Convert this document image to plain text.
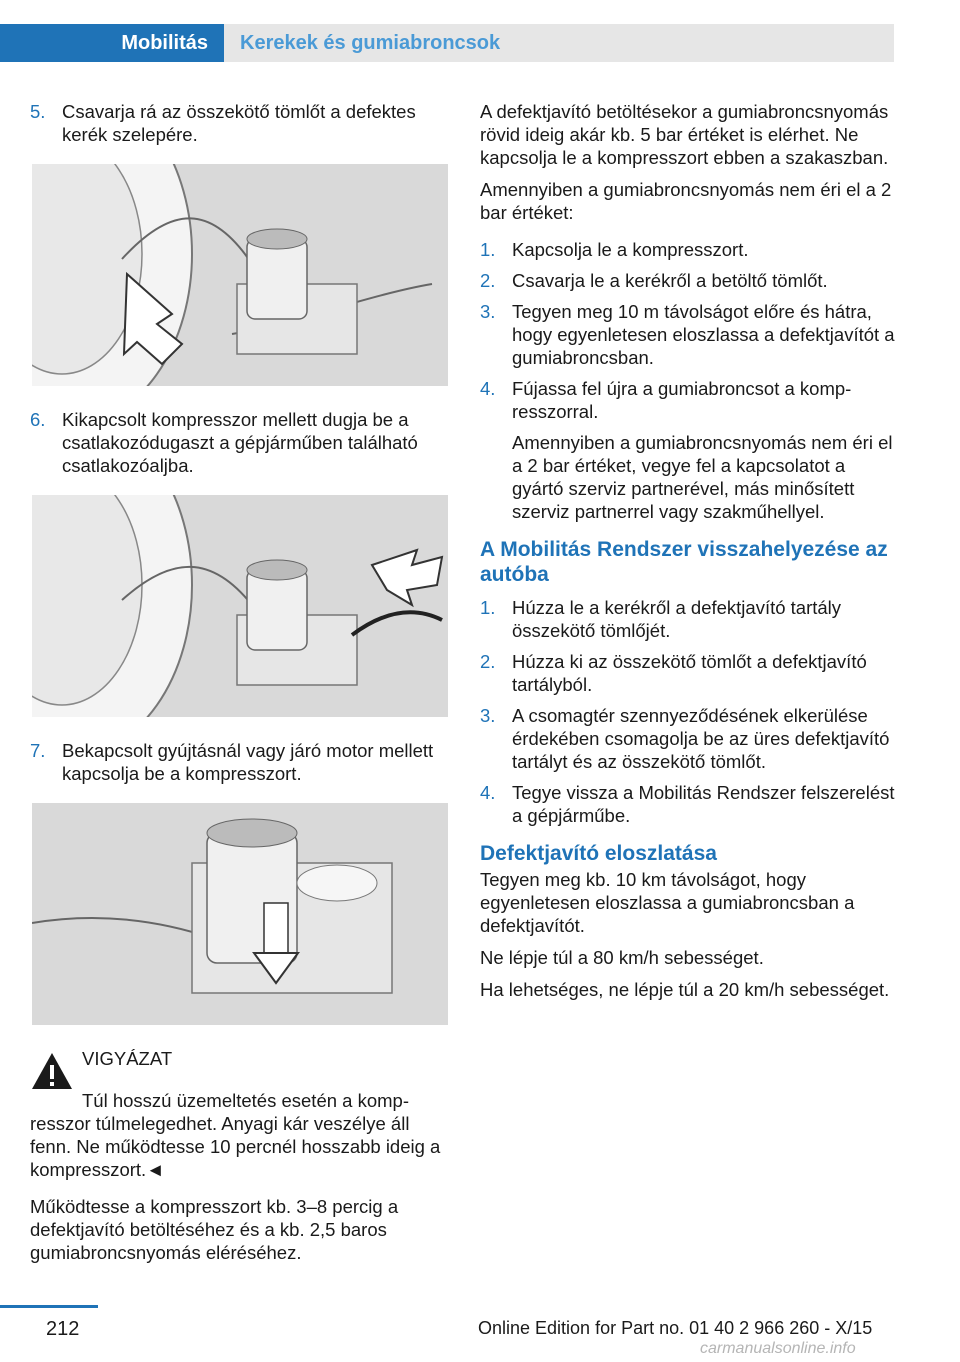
Mobilitás	Kerekek és gumiabroncsok
5. Csavarja rá az összekötő tömlőt a defektes kerék szelepére.
6. Kikapcsolt kompresszor mellett dugja be a csatlakozódugaszt a gépjárműben található csatlakozóaljba.
7. Bekapcsolt gyújtásnál vagy járó motor mellett kapcsolja be a kompresszort.

VIGYÁZAT

Túl hosszú üzemeltetés esetén a kompresszor túlmelegedhet. Anyagi kár veszélye áll fenn. Ne működtesse 10 percnél hosszabb ideig a kompresszort.◄

Működtesse a kompresszort kb. 3–8 percig a defektjavító betöltéséhez és a kb. 2,5 baros gumiabroncsnyomás eléréséhez.

A defektjavító betöltésekor a gumiabroncsnyomás rövid ideig akár kb. 5 bar értéket is elérhet. Ne kapcsolja le a kompresszort ebben a szakaszban.

Amennyiben a gumiabroncsnyomás nem éri el a 2 bar értéket:

1. Kapcsolja le a kompresszort.
2. Csavarja le a kerékről a betöltő tömlőt.
3. Tegyen meg 10 m távolságot előre és hátra, hogy egyenletesen eloszlassa a defektjavítót a gumiabroncsban.
4. Fújassa fel újra a gumiabroncsot a kompresszorral.

Amennyiben a gumiabroncsnyomás nem éri el a 2 bar értéket, vegye fel a kapcsolatot a gyártó szerviz partnerével, más minősített szerviz partnerrel vagy szakműhellyel.

A Mobilitás Rendszer visszahelyezése az autóba
1. Húzza le a kerékről a defektjavító tartály összekötő tömlőjét.
2. Húzza ki az összekötő tömlőt a defektjavító tartályból.
3. A csomagtér szennyeződésének elkerülése érdekében csomagolja be az üres defektjavító tartályt és az összekötő tömlőt.
4. Tegye vissza a Mobilitás Rendszer felszerelést a gépjárműbe.
Defektjavító eloszlatása

Tegyen meg kb. 10 km távolságot, hogy egyenletesen eloszlassa a gumiabroncsban a defektjavítót.

Ne lépje túl a 80 km/h sebességet.

Ha lehetséges, ne lépje túl a 20 km/h sebességet.

212	Online Edition for Part no. 01 40 2 966 260 - X/15
carmanualsonline.info
